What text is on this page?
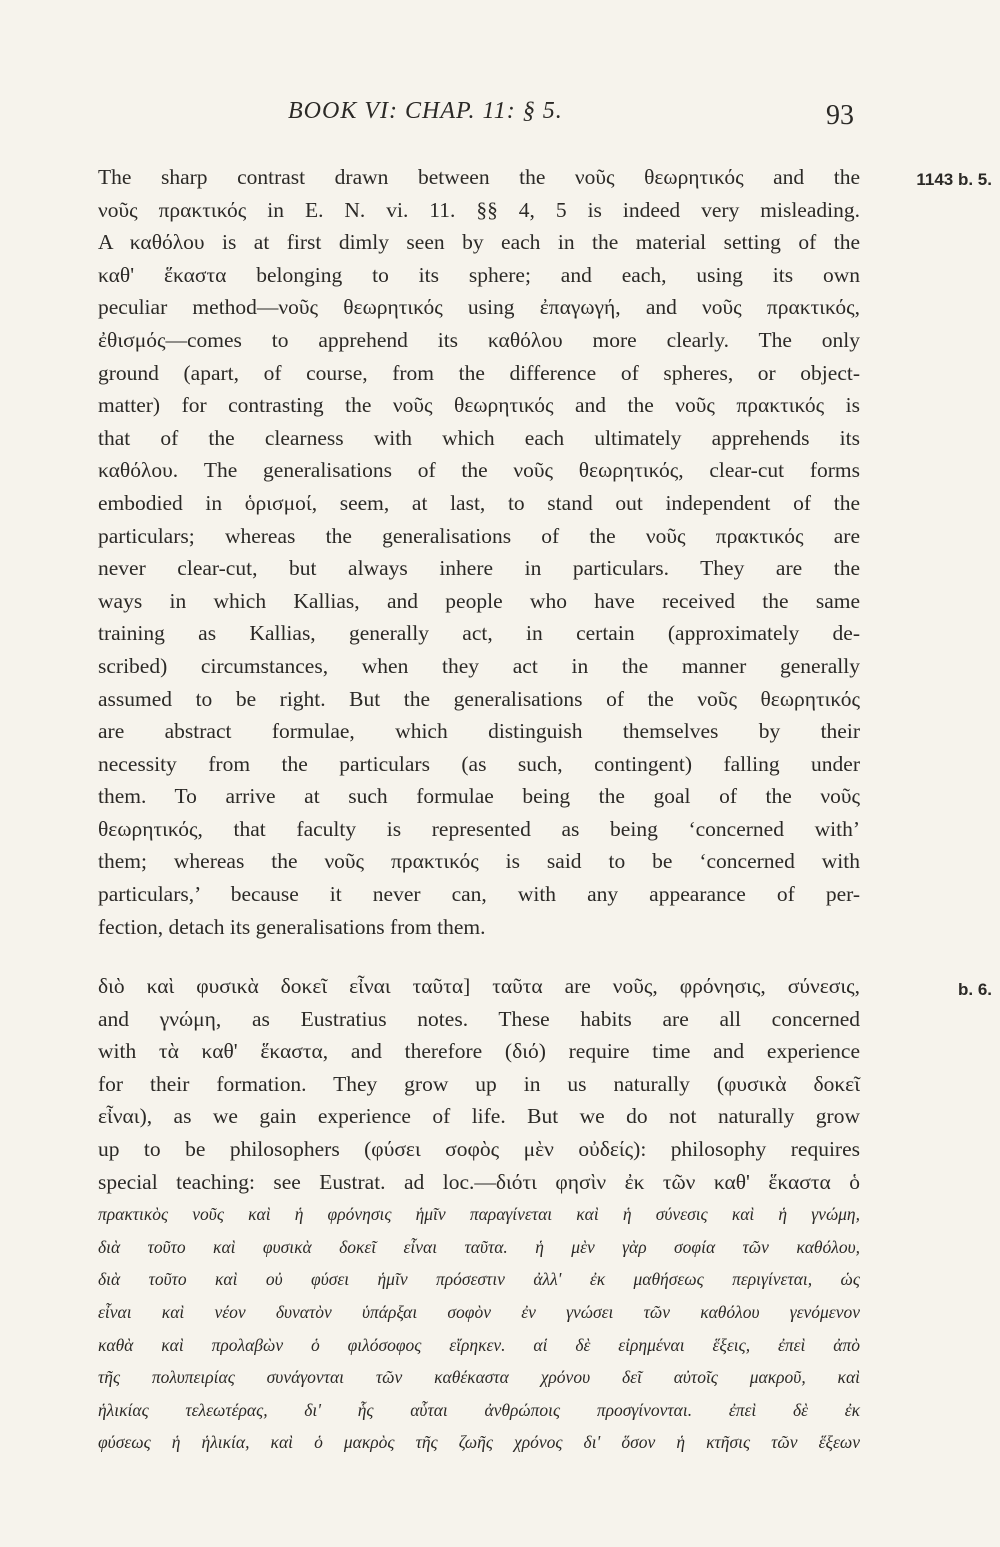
BOOK VI: CHAP. 11: § 5.	93
1143 b. 5.
b. 6.
The sharp contrast drawn between the νοῦς θεωρητικός and the
νοῦς πρακτικός in E. N. vi. 11. §§ 4, 5 is indeed very misleading.
A καθόλου is at first dimly seen by each in the material setting of the
καθ' ἕκαστα belonging to its sphere; and each, using its own
peculiar method—νοῦς θεωρητικός using ἐπαγωγή, and νοῦς πρακτικός,
ἐθισμός—comes to apprehend its καθόλου more clearly. The only
ground (apart, of course, from the difference of spheres, or object-
matter) for contrasting the νοῦς θεωρητικός and the νοῦς πρακτικός is
that of the clearness with which each ultimately apprehends its
καθόλου. The generalisations of the νοῦς θεωρητικός, clear-cut forms
embodied in ὁρισμοί, seem, at last, to stand out independent of the
particulars; whereas the generalisations of the νοῦς πρακτικός are
never clear-cut, but always inhere in particulars. They are the
ways in which Kallias, and people who have received the same
training as Kallias, generally act, in certain (approximately de-
scribed) circumstances, when they act in the manner generally
assumed to be right. But the generalisations of the νοῦς θεωρητικός
are abstract formulae, which distinguish themselves by their
necessity from the particulars (as such, contingent) falling under
them. To arrive at such formulae being the goal of the νοῦς
θεωρητικός, that faculty is represented as being ‘concerned with’
them; whereas the νοῦς πρακτικός is said to be ‘concerned with
particulars,’ because it never can, with any appearance of per-
fection, detach its generalisations from them.
διὸ καὶ φυσικὰ δοκεῖ εἶναι ταῦτα] ταῦτα are νοῦς, φρόνησις, σύνεσις,
and γνώμη, as Eustratius notes. These habits are all concerned
with τὰ καθ' ἕκαστα, and therefore (διό) require time and experience
for their formation. They grow up in us naturally (φυσικὰ δοκεῖ
εἶναι), as we gain experience of life. But we do not naturally grow
up to be philosophers (φύσει σοφὸς μὲν οὐδείς): philosophy requires
special teaching: see Eustrat. ad loc.—διότι φησὶν ἐκ τῶν καθ' ἕκαστα ὁ
πρακτικὸς νοῦς καὶ ἡ φρόνησις ἡμῖν παραγίνεται καὶ ἡ σύνεσις καὶ ἡ γνώμη,
διὰ τοῦτο καὶ φυσικὰ δοκεῖ εἶναι ταῦτα. ἡ μὲν γὰρ σοφία τῶν καθόλου,
διὰ τοῦτο καὶ οὐ φύσει ἡμῖν πρόσεστιν ἀλλ' ἐκ μαθήσεως περιγίνεται, ὡς
εἶναι καὶ νέον δυνατὸν ὑπάρξαι σοφὸν ἐν γνώσει τῶν καθόλου γενόμενον
καθὰ καὶ προλαβὼν ὁ φιλόσοφος εἴρηκεν. αἱ δὲ εἰρημέναι ἕξεις, ἐπεὶ ἀπὸ
τῆς πολυπειρίας συνάγονται τῶν καθέκαστα χρόνου δεῖ αὐτοῖς μακροῦ, καὶ
ἡλικίας τελεωτέρας, δι' ἧς αὗται ἀνθρώποις προσγίνονται. ἐπεὶ δὲ ἐκ
φύσεως ἡ ἡλικία, καὶ ὁ μακρὸς τῆς ζωῆς χρόνος δι' ὅσον ἡ κτῆσις τῶν ἕξεων
